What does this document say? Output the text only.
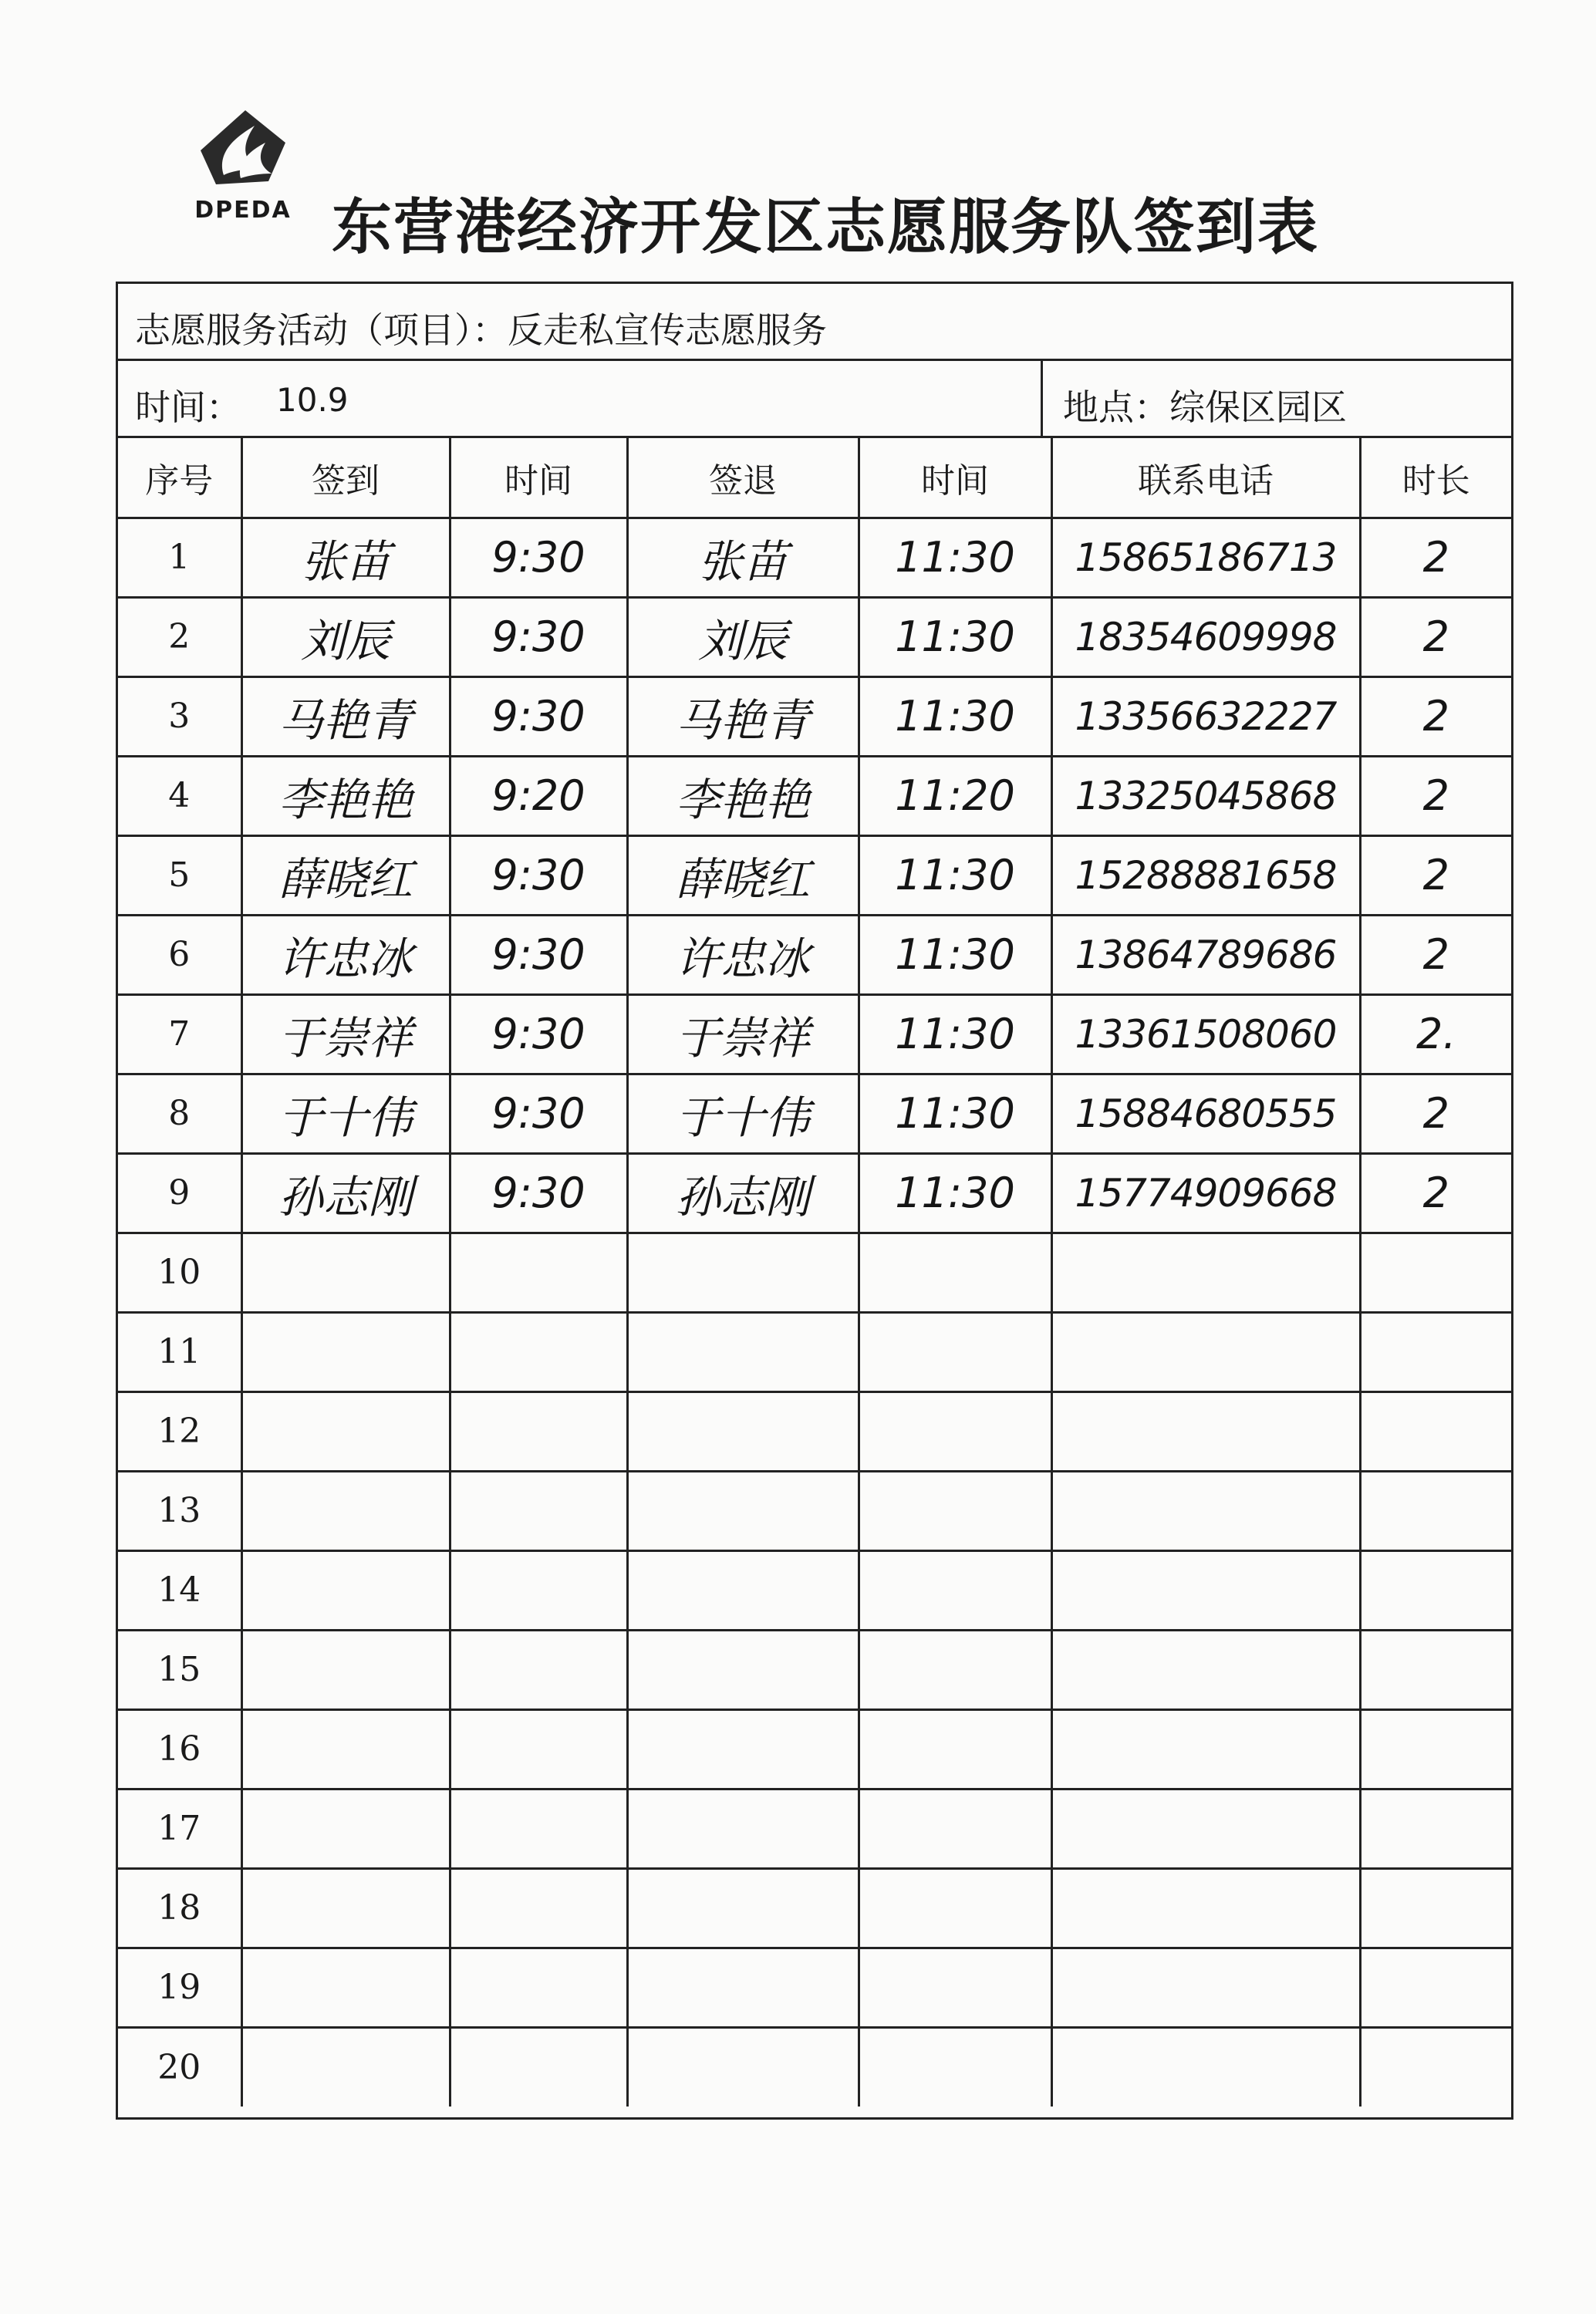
DPEDA 东营港经济开发区志愿服务队签到表
志愿服务活动（项目）：反走私宣传志愿服务
时间： 10.9	地点：综保区园区
序号	签到	时间	签退	时间	联系电话	时长
1	张苗	9:30	张苗	11:30	15865186713	2
2	刘辰	9:30	刘辰	11:30	18354609998	2
3	马艳青	9:30	马艳青	11:30	13356632227	2
4	李艳艳	9:20	李艳艳	11:20	13325045868	2
5	薛晓红	9:30	薛晓红	11:30	15288881658	2
6	许忠冰	9:30	许忠冰	11:30	13864789686	2
7	于崇祥	9:30	于崇祥	11:30	13361508060	2.
8	于十伟	9:30	于十伟	11:30	15884680555	2
9	孙志刚	9:30	孙志刚	11:30	15774909668	2
10						
11						
12						
13						
14						
15						
16						
17						
18						
19						
20						
